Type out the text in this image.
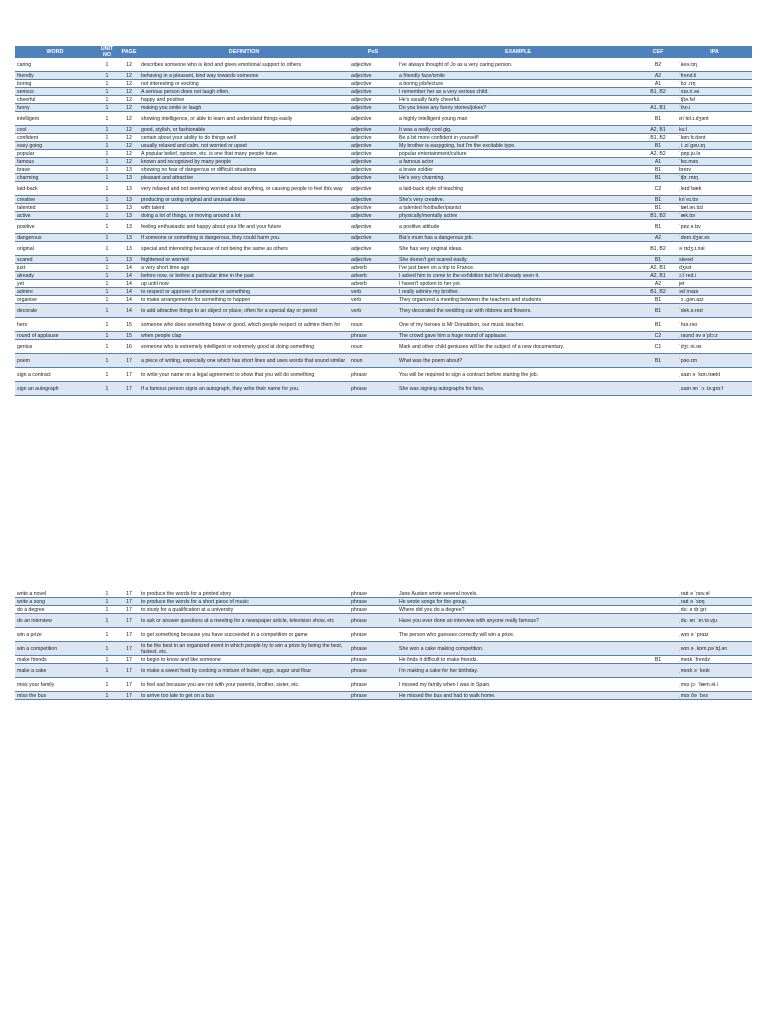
WORD	UNIT NO	PAGE	DEFINITION	PoS	EXAMPLE	CEF	IPA
caring	1	12	describes someone who is kind and gives emotional support to others	adjective	I've always thought of Jo as a very caring person.	B2	ˈkeə.rɪŋ
friendly	1	12	behaving in a pleasant, kind way towards someone	adjective	a friendly face/smile	A2	ˈfrend.li
boring	1	12	not interesting or exciting	adjective	a boring job/lecture	A1	ˈbɔː.rɪŋ
serious	1	12	A serious person does not laugh often.	adjective	I remember her as a very serious child.	B1, B2	ˈsɪə.ri.əs
cheerful	1	12	happy and positive	adjective	He's usually fairly cheerful.		ˈtʃɪə.fəl
funny	1	12	making you smile or laugh	adjective	Do you know any funny stories/jokes?	A1, B1	ˈfʌn.i
intelligent	1	12	showing intelligence, or able to learn and understand things easily	adjective	a highly intelligent young man	B1	ɪnˈtel.ɪ.dʒənt
cool	1	12	good, stylish, or fashionable	adjective	It was a really cool gig.	A2, B1	kuːl
confident	1	12	certain about your ability to do things well	adjective	Be a bit more confident in yourself!	B1, B2	ˈkɒn.fɪ.dənt
easy going	1	12	usually relaxed and calm, not worried or upset	adjective	My brother is easygoing, but I'm the excitable type.	B1	ˌiː.ziˈɡəʊ.ɪŋ
popular	1	12	A popular belief, opinion, etc. is one that many people have.	adjective	popular entertainment/culture	A2, B2	ˈpɒp.jʊ.lə
famous	1	12	known and recognized by many people	adjective	a famous actor	A1	ˈfeɪ.məs
brave	1	13	showing no fear of dangerous or difficult situations	adjective	a brave soldier	B1	breɪv
charming	1	13	pleasant and attractive	adjective	He's very charming.	B1	ˈtʃɑː.mɪŋ
laid-back	1	13	very relaxed and not seeming worried about anything, or causing people to feel this way	adjective	a laid-back style of teaching	C2	ˌleɪdˈbæk
creative	1	13	producing or using original and unusual ideas	adjective	She's very creative.	B1	kriˈeɪ.tɪv
talented	1	13	with talent	adjective	a talented footballer/pianist	B1	ˈtæl.ən.tɪd
active	1	13	doing a lot of things, or moving around a lot	adjective	physically/mentally active	B1, B2	ˈæk.tɪv
positive	1	13	feeling enthusiastic and happy about your life and your future	adjective	a positive attitude	B1	ˈpɒz.ə.tɪv
dangerous	1	13	If someone or something is dangerous, they could harm you.	adjective	Bia's mum has a dangerous job.	A2	ˈdeɪn.dʒər.əs
original	1	13	special and interesting because of not being the same as others	adjective	She has very original ideas.	B1, B2	əˈrɪdʒ.ɪ.nəl
scared	1	13	frightened or worried	adjective	She doesn't get scared easily.	B1	skeəd
just	1	14	a very short time ago	adverb	I've just been on a trip to France.	A2, B1	dʒʌst
already	1	14	before now, or before a particular time in the past	adverb	I asked him to come to the exhibition but he'd already seen it.	A2, B1	ɔːlˈred.i
yet	1	14	up until now	adverb	I haven't spoken to her yet.	A2	jet
admire	1	14	to respect or approve of someone or something	verb	I really admire my brother.	B1, B2	ədˈmaɪə
organise	1	14	to make arrangements for something to happen	verb	They organized a meeting between the teachers and students	B1	ˈɔː.ɡən.aɪz
decorate	1	14	to add attractive things to an object or place, often for a special day or period	verb	They decorated the wedding car with ribbons and flowers.	B1	ˈdek.ə.reɪt
hero	1	15	someone who does something brave or good, which people respect or admire them for	noun	One of my heroes is Mr Donaldson, our music teacher.	B1	ˈhɪə.rəʊ
round of applause	1	15	when people clap	phrase	The crowd gave him a huge round of applause.	C2	ˌraʊnd əv əˈplɔːz
genius	1	16	someone who is extremely intelligent or extremely good at doing something	noun	Mark and other child geniuses will be the subject of a new documentary.	C1	ˈdʒiː.ni.əs
poem	1	17	a piece of writing, especially one which has short lines and uses words that sound similar	noun	What was the poem about?	B1	ˈpəʊ.ɪm
sign a contract	1	17	to write your name on a legal agreement to show that you will do something	phrase	You will be required to sign a contract before starting the job.		ˌsaɪn ə ˈkɒn.trækt
sign an autograph	1	17	If a famous person signs an autograph, they write their name for you.	phrase	She was signing autographs for fans.		ˌsaɪn ən ˈɔː.tə.ɡrɑːf
write a novel	1	17	to produce the words for a printed story	phrase	Jane Austen wrote several novels.		ˌraɪt ə ˈnɒv.əl
write a song	1	17	to produce the words for a short piece of music	phrase	He wrote songs for the group.		ˌraɪt ə ˈsɒŋ
do a degree	1	17	to study for a qualification at a university	phrase	Where did you do a degree?		ˌduː ə dɪˈɡriː
do an interview	1	17	to ask or answer questions at a meeting for a newspaper article, television show, etc	phrase	Have you ever done an interview with anyone really famous?		ˌduː ən ˈɪn.tə.vjuː
win a prize	1	17	to get something because you have succeeded in a competition or game	phrase	The person who guesses correctly will win a prize.		ˌwɪn ə ˈpraɪz
win a competition	1	17	to be the best in an organized event in which people try to win a prize by being the best, fastest, etc.	phrase	She won a cake making competition.		ˌwɪn ə ˌkɒm.pəˈtɪʃ.ən
make friends	1	17	to begin to know and like someone	phrase	He finds it difficult to make friends.	B1	ˌmeɪk ˈfrendz
make a cake	1	17	to make a sweet food by cooking a mixture of butter, eggs, sugar and flour	phrase	I'm making a cake for her birthday.		ˌmeɪk ə ˈkeɪk
miss your family	1	17	to feel sad because you are not with your parents, brother, sister, etc.	phrase	I missed my family when I was in Spain.		ˌmɪs jɔː ˈfæm.əl.i
miss the bus	1	17	to arrive too late to get on a bus	phrase	He missed the bus and had to walk home.		ˌmɪs ðə ˈbʌs
